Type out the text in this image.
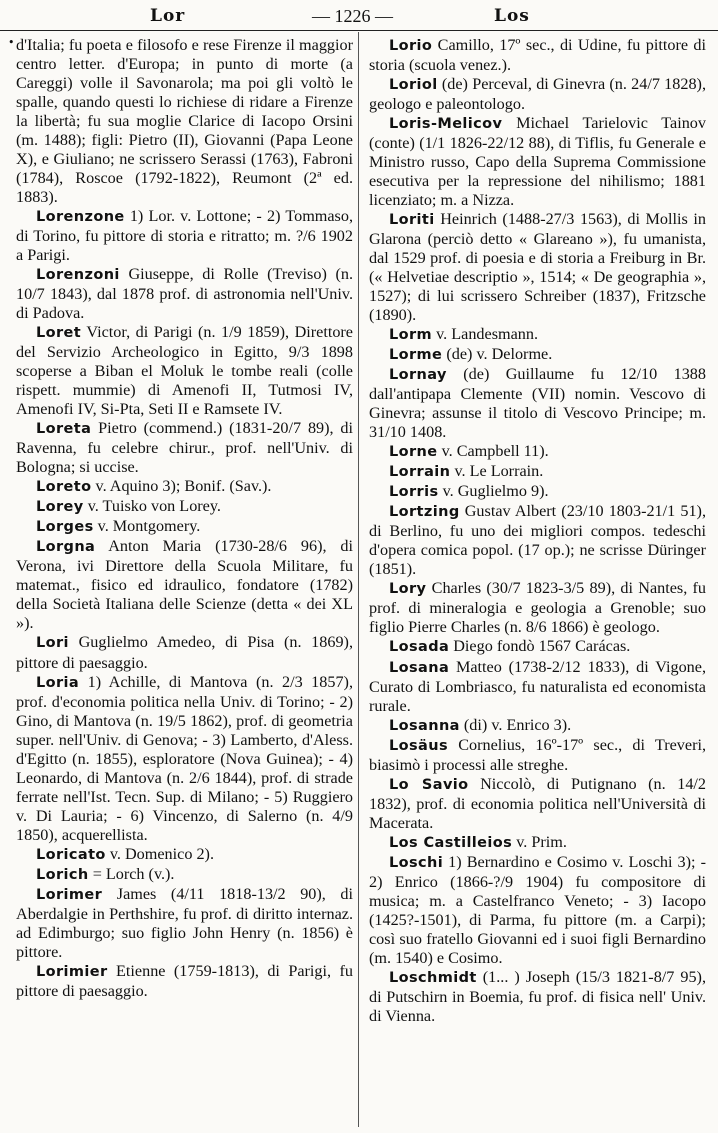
Lor	— 1226 —	Los
• d'Italia; fu poeta e filosofo e rese Firenze il maggior centro letter. d'Europa; in punto di morte (a Careggi) volle il Savonarola; ma poi gli voltò le spalle, quando questi lo richiese di ridare a Firenze la libertà; fu sua moglie Clarice di Iacopo Orsini (m. 1488); figli: Pietro (II), Giovanni (Papa Leone X), e Giuliano; ne scrissero Serassi (1763), Fabroni (1784), Roscoe (1792-1822), Reumont (2ª ed. 1883).

Lorenzone 1) Lor. v. Lottone; - 2) Tommaso, di Torino, fu pittore di storia e ritratto; m. ?/6 1902 a Parigi.

Lorenzoni Giuseppe, di Rolle (Treviso) (n. 10/7 1843), dal 1878 prof. di astronomia nell'Univ. di Padova.

Loret Victor, di Parigi (n. 1/9 1859), Direttore del Servizio Archeologico in Egitto, 9/3 1898 scoperse a Biban el Moluk le tombe reali (colle rispett. mummie) di Amenofi II, Tutmosi IV, Amenofi IV, Si-Pta, Seti II e Ramsete IV.

Loreta Pietro (commend.) (1831-20/7 89), di Ravenna, fu celebre chirur., prof. nell'Univ. di Bologna; si uccise.

Loreto v. Aquino 3); Bonif. (Sav.).

Lorey v. Tuisko von Lorey.

Lorges v. Montgomery.

Lorgna Anton Maria (1730-28/6 96), di Verona, ivi Direttore della Scuola Militare, fu matemat., fisico ed idraulico, fondatore (1782) della Società Italiana delle Scienze (detta « dei XL »).

Lori Guglielmo Amedeo, di Pisa (n. 1869), pittore di paesaggio.

Loria 1) Achille, di Mantova (n. 2/3 1857), prof. d'economia politica nella Univ. di Torino; - 2) Gino, di Mantova (n. 19/5 1862), prof. di geometria super. nell'Univ. di Genova; - 3) Lamberto, d'Aless. d'Egitto (n. 1855), esploratore (Nova Guinea); - 4) Leonardo, di Mantova (n. 2/6 1844), prof. di strade ferrate nell'Ist. Tecn. Sup. di Milano; - 5) Ruggiero v. Di Lauria; - 6) Vincenzo, di Salerno (n. 4/9 1850), acquerellista.

Loricato v. Domenico 2).

Lorich = Lorch (v.).

Lorimer James (4/11 1818-13/2 90), di Aberdalgie in Perthshire, fu prof. di diritto internaz. ad Edimburgo; suo figlio John Henry (n. 1856) è pittore.

Lorimier Etienne (1759-1813), di Parigi, fu pittore di paesaggio.

Lorio Camillo, 17º sec., di Udine, fu pittore di storia (scuola venez.).

Loriol (de) Perceval, di Ginevra (n. 24/7 1828), geologo e paleontologo.

Loris-Melicov Michael Tarielovic Tainov (conte) (1/1 1826-22/12 88), di Tiflis, fu Generale e Ministro russo, Capo della Suprema Commissione esecutiva per la repressione del nihilismo; 1881 licenziato; m. a Nizza.

Loriti Heinrich (1488-27/3 1563), di Mollis in Glarona (perciò detto « Glareano »), fu umanista, dal 1529 prof. di poesia e di storia a Freiburg in Br. (« Helvetiae descriptio », 1514; « De geographia », 1527); di lui scrissero Schreiber (1837), Fritzsche (1890).

Lorm v. Landesmann.

Lorme (de) v. Delorme.

Lornay (de) Guillaume fu 12/10 1388 dall'antipapa Clemente (VII) nomin. Vescovo di Ginevra; assunse il titolo di Vescovo Principe; m. 31/10 1408.

Lorne v. Campbell 11).

Lorrain v. Le Lorrain.

Lorris v. Guglielmo 9).

Lortzing Gustav Albert (23/10 1803-21/1 51), di Berlino, fu uno dei migliori compos. tedeschi d'opera comica popol. (17 op.); ne scrisse Düringer (1851).

Lory Charles (30/7 1823-3/5 89), di Nantes, fu prof. di mineralogia e geologia a Grenoble; suo figlio Pierre Charles (n. 8/6 1866) è geologo.

Losada Diego fondò 1567 Carácas.

Losana Matteo (1738-2/12 1833), di Vigone, Curato di Lombriasco, fu naturalista ed economista rurale.

Losanna (di) v. Enrico 3).

Losäus Cornelius, 16º-17º sec., di Treveri, biasimò i processi alle streghe.

Lo Savio Niccolò, di Putignano (n. 14/2 1832), prof. di economia politica nell'Università di Macerata.

Los Castilleios v. Prim.

Loschi 1) Bernardino e Cosimo v. Loschi 3); - 2) Enrico (1866-?/9 1904) fu compositore di musica; m. a Castelfranco Veneto; - 3) Iacopo (1425?-1501), di Parma, fu pittore (m. a Carpi); così suo fratello Giovanni ed i suoi figli Bernardino (m. 1540) e Cosimo.

Loschmidt (1... ) Joseph (15/3 1821-8/7 95), di Putschirn in Boemia, fu prof. di fisica nell' Univ. di Vienna.
